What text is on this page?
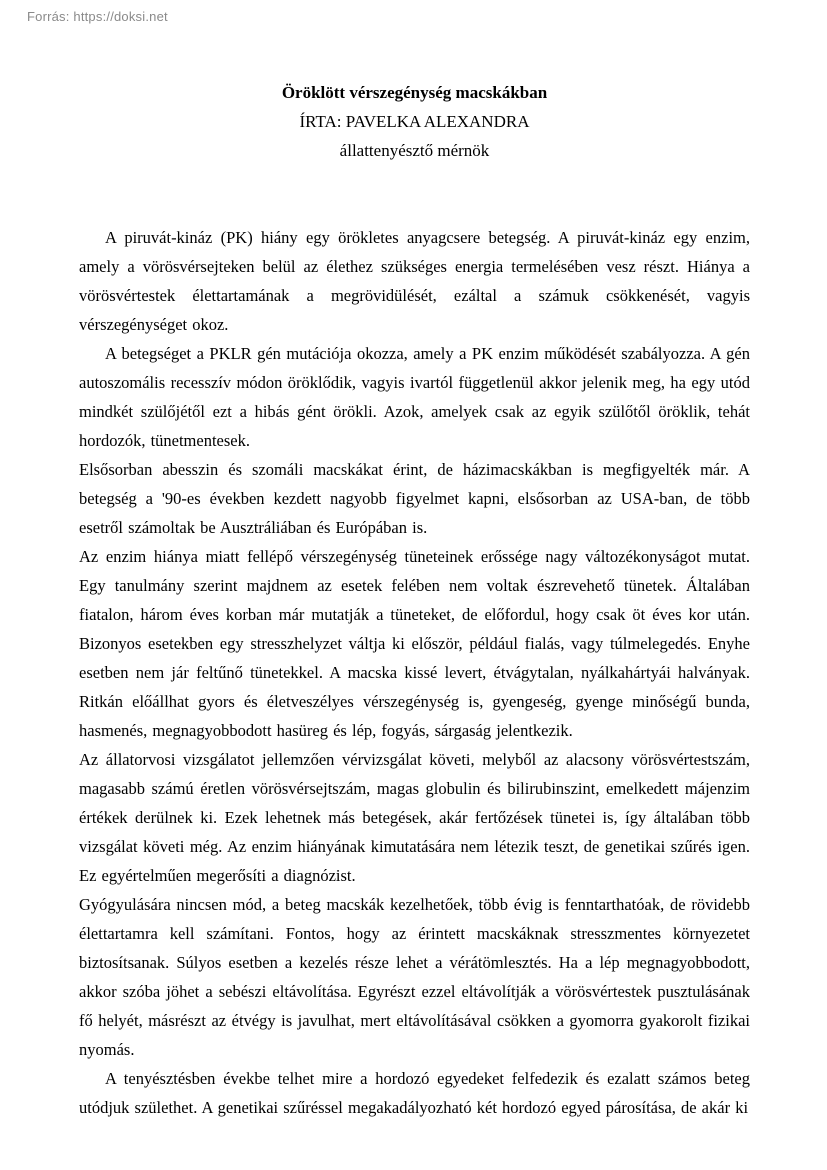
Forrás: https://doksi.net
Öröklött vérszegénység macskákban
ÍRTA: PAVELKA ALEXANDRA
állattenyésztő mérnök

A piruvát-kináz (PK) hiány egy örökletes anyagcsere betegség. A piruvát-kináz egy enzim, amely a vörösvérsejteken belül az élethez szükséges energia termelésében vesz részt. Hiánya a vörösvértestek élettartamának a megrövidülését, ezáltal a számuk csökkenését, vagyis vérszegénységet okoz.

A betegséget a PKLR gén mutációja okozza, amely a PK enzim működését szabályozza. A gén autoszomális recesszív módon öröklődik, vagyis ivartól függetlenül akkor jelenik meg, ha egy utód mindkét szülőjétől ezt a hibás gént örökli. Azok, amelyek csak az egyik szülőtől öröklik, tehát hordozók, tünetmentesek.

Elsősorban abesszin és szomáli macskákat érint, de házimacskákban is megfigyelték már. A betegség a '90-es években kezdett nagyobb figyelmet kapni, elsősorban az USA-ban, de több esetről számoltak be Ausztráliában és Európában is.

Az enzim hiánya miatt fellépő vérszegénység tüneteinek erőssége nagy változékonyságot mutat. Egy tanulmány szerint majdnem az esetek felében nem voltak észrevehető tünetek. Általában fiatalon, három éves korban már mutatják a tüneteket, de előfordul, hogy csak öt éves kor után. Bizonyos esetekben egy stresszhelyzet váltja ki először, például fialás, vagy túlmelegedés. Enyhe esetben nem jár feltűnő tünetekkel. A macska kissé levert, étvágytalan, nyálkahártyái halványak. Ritkán előállhat gyors és életveszélyes vérszegénység is, gyengeség, gyenge minőségű bunda, hasmenés, megnagyobbodott hasüreg és lép, fogyás, sárgaság jelentkezik.

Az állatorvosi vizsgálatot jellemzően vérvizsgálat követi, melyből az alacsony vörösvértestszám, magasabb számú éretlen vörösvérsejtszám, magas globulin és bilirubinszint, emelkedett májenzim értékek derülnek ki. Ezek lehetnek más betegések, akár fertőzések tünetei is, így általában több vizsgálat követi még. Az enzim hiányának kimutatására nem létezik teszt, de genetikai szűrés igen. Ez egyértelműen megerősíti a diagnózist.

Gyógyulására nincsen mód, a beteg macskák kezelhetőek, több évig is fenntarthatóak, de rövidebb élettartamra kell számítani. Fontos, hogy az érintett macskáknak stresszmentes környezetet biztosítsanak. Súlyos esetben a kezelés része lehet a vérátömlesztés. Ha a lép megnagyobbodott, akkor szóba jöhet a sebészi eltávolítása. Egyrészt ezzel eltávolítják a vörösvértestek pusztulásának fő helyét, másrészt az étvégy is javulhat, mert eltávolításával csökken a gyomorra gyakorolt fizikai nyomás.

A tenyésztésben évekbe telhet mire a hordozó egyedeket felfedezik és ezalatt számos beteg utódjuk születhet. A genetikai szűréssel megakadályozható két hordozó egyed párosítása, de akár ki
